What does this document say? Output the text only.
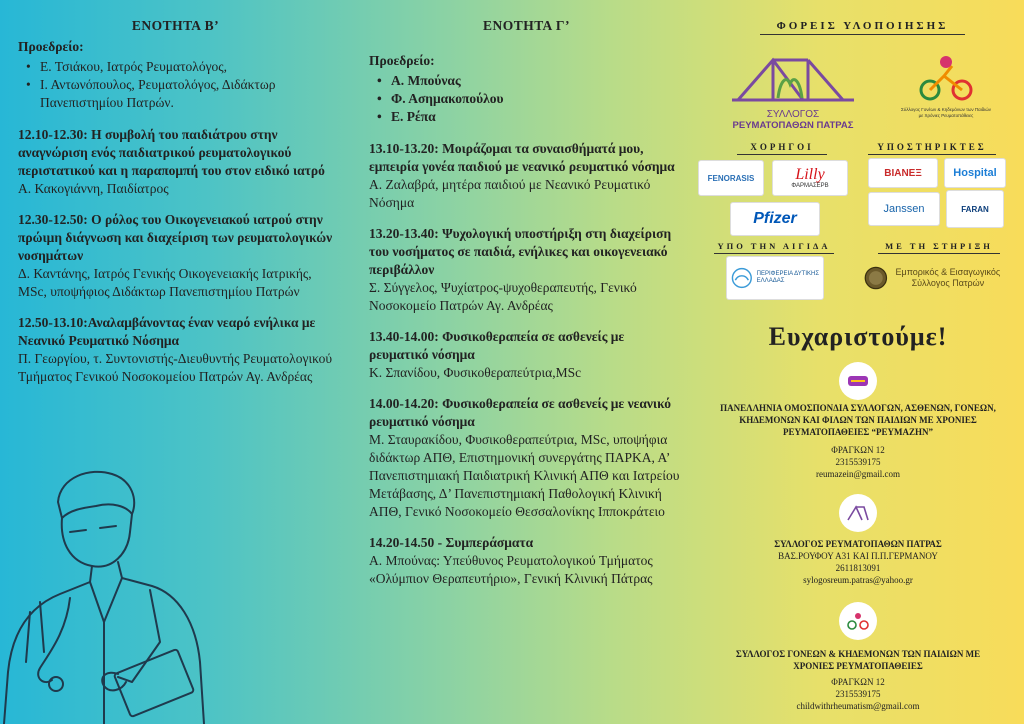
ΕΝΟΤΗΤΑ Β’
Προεδρείο:
• Ε. Τσιάκου, Ιατρός Ρευματολόγος,
• Ι. Αντωνόπουλος, Ρευματολόγος, Διδάκτωρ Πανεπιστημίου Πατρών.
12.10-12.30: Η συμβολή του παιδιάτρου στην αναγνώριση ενός παιδιατρικού ρευματολογικού περιστατικού και η παραπομπή του στον ειδικό ιατρό
Α. Κακογιάννη, Παιδίατρος
12.30-12.50: Ο ρόλος του Οικογενειακού ιατρού στην πρώιμη διάγνωση και διαχείριση των ρευματολογικών νοσημάτων
Δ. Καντάνης, Ιατρός Γενικής Οικογενειακής Ιατρικής, MSc, υποψήφιος Διδάκτωρ Πανεπιστημίου Πατρών
12.50-13.10:Αναλαμβάνοντας έναν νεαρό ενήλικα με Νεανικό Ρευματικό Νόσημα
Π. Γεωργίου, τ. Συντονιστής-Διευθυντής Ρευματολογικού Τμήματος Γενικού Νοσοκομείου Πατρών Αγ. Ανδρέας
ΕΝΟΤΗΤΑ Γ’
Προεδρείο:
• Α. Μπούνας
• Φ. Ασημακοπούλου
• Ε. Ρέπα
13.10-13.20: Μοιράζομαι τα συναισθήματά μου, εμπειρία γονέα παιδιού με νεανικό ρευματικό νόσημα
Α. Ζαλαβρά, μητέρα παιδιού με Νεανικό Ρευματικό Νόσημα
13.20-13.40: Ψυχολογική υποστήριξη στη διαχείριση του νοσήματος σε παιδιά, ενήλικες και οικογενειακό περιβάλλον
Σ. Σύγγελος, Ψυχίατρος-ψυχοθεραπευτής, Γενικό Νοσοκομείο Πατρών Αγ. Ανδρέας
13.40-14.00: Φυσικοθεραπεία σε ασθενείς με ρευματικό νόσημα
Κ. Σπανίδου, Φυσικοθεραπεύτρια,MSc
14.00-14.20: Φυσικοθεραπεία σε ασθενείς με νεανικό ρευματικό νόσημα
Μ. Σταυρακίδου, Φυσικοθεραπεύτρια, MSc, υποψήφια διδάκτωρ ΑΠΘ, Επιστημονική συνεργάτης ΠΑΡΚΑ, Α’ Πανεπιστημιακή Παιδιατρική Κλινική ΑΠΘ και Ιατρείου Μετάβασης, Δ’ Πανεπιστημιακή Παθολογική Κλινική ΑΠΘ, Γενικό Νοσοκομείο Θεσσαλονίκης Ιπποκράτειο
14.20-14.50 - Συμπεράσματα
Α. Μπούνας: Υπεύθυνος Ρευματολογικού Τμήματος «Ολύμπιον Θεραπευτήριο», Γενική Κλινική Πάτρας
ΦΟΡΕΙΣ ΥΛΟΠΟΙΗΣΗΣ
ΣΥΛΛΟΓΟΣ
ΡΕΥΜΑΤΟΠΑΘΩΝ ΠΑΤΡΑΣ
Σύλλογος Γονέων & Κηδεμόνων των Παιδιών με Χρόνιες Ρευματοπάθειες
ΧΟΡΗΓΟΙ	ΥΠΟΣΤΗΡΙΚΤΕΣ
FENORASIS	Lilly
ΦΑΡΜΑΣΕΡΒ
Pfizer
ΒΙΑΝΕΞ	Hospital
Janssen	FARAN
ΥΠΟ ΤΗΝ ΑΙΓΙΔΑ	ΜΕ ΤΗ ΣΤΗΡΙΞΗ
ΠΕΡΙΦΕΡΕΙΑ ΔΥΤΙΚΗΣ ΕΛΛΑΔΑΣ
Εμπορικός & Εισαγωγικός Σύλλογος Πατρών
Ευχαριστούμε!
ΠΑΝΕΛΛΗΝΙΑ ΟΜΟΣΠΟΝΔΙΑ ΣΥΛΛΟΓΩΝ, ΑΣΘΕΝΩΝ, ΓΟΝΕΩΝ, ΚΗΔΕΜΟΝΩΝ ΚΑΙ ΦΙΛΩΝ ΤΩΝ ΠΑΙΔΙΩΝ ΜΕ ΧΡΟΝΙΕΣ ΡΕΥΜΑΤΟΠΑΘΕΙΕΣ “ΡΕΥΜΑΖΗΝ”
ΦΡΑΓΚΩΝ 12
2315539175
reumazein@gmail.com
ΣΥΛΛΟΓΟΣ ΡΕΥΜΑΤΟΠΑΘΩΝ ΠΑΤΡΑΣ
ΒΑΣ.ΡΟΥΦΟΥ Α31 ΚΑΙ Π.Π.ΓΕΡΜΑΝΟΥ
2611813091
sylogosreum.patras@yahoo.gr
ΣΥΛΛΟΓΟΣ ΓΟΝΕΩΝ & ΚΗΔΕΜΟΝΩΝ ΤΩΝ ΠΑΙΔΙΩΝ ΜΕ ΧΡΟΝΙΕΣ ΡΕΥΜΑΤΟΠΑΘΕΙΕΣ
ΦΡΑΓΚΩΝ 12
2315539175
childwithrheumatism@gmail.com
